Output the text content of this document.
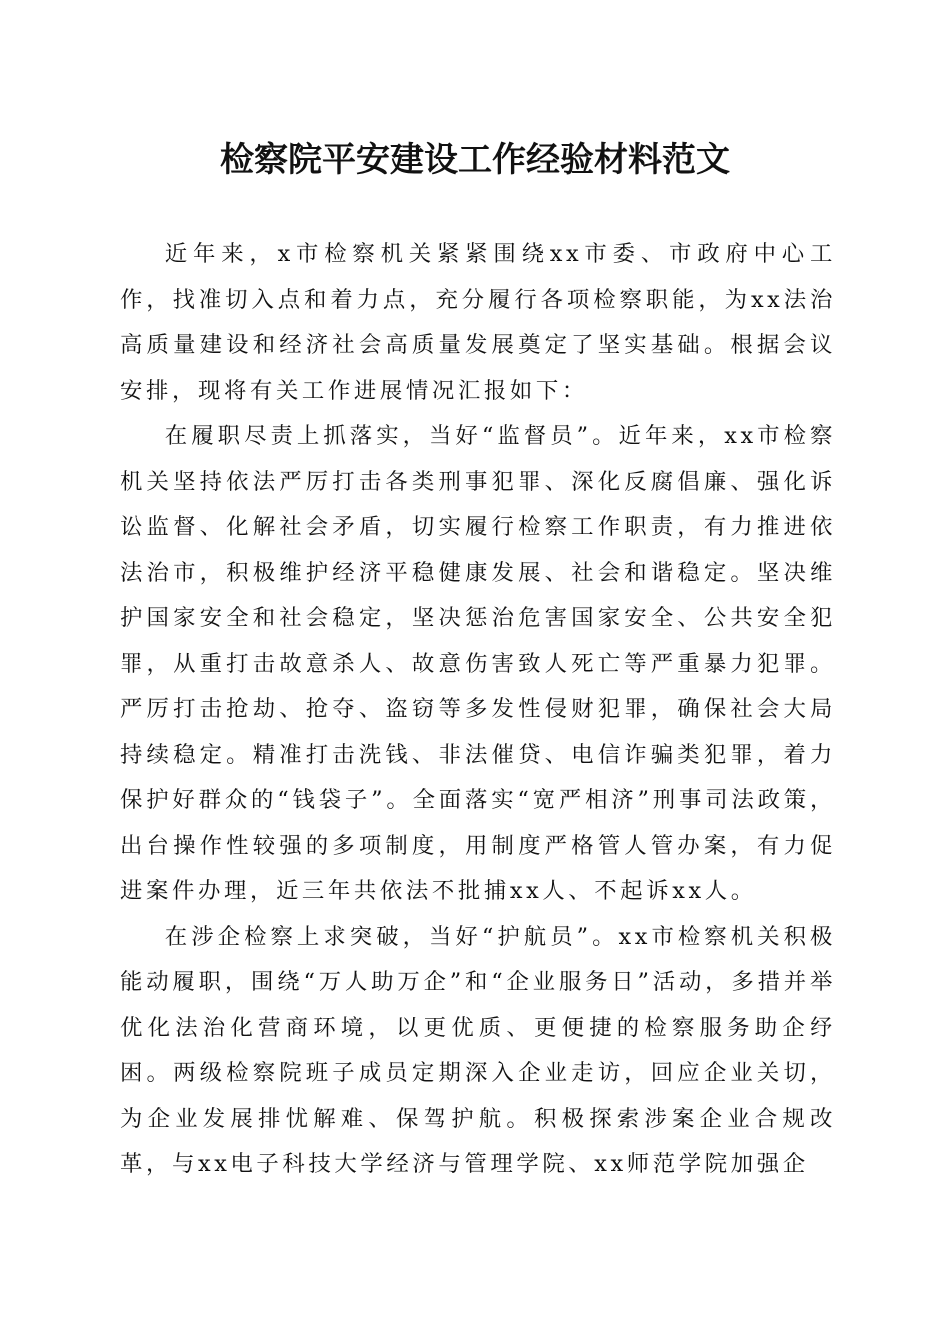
检察院平安建设工作经验材料范文

近年来，x市检察机关紧紧围绕xx市委、市政府中心工作，找准切入点和着力点，充分履行各项检察职能，为xx法治高质量建设和经济社会高质量发展奠定了坚实基础。根据会议安排，现将有关工作进展情况汇报如下：

在履职尽责上抓落实，当好“监督员”。近年来，xx市检察机关坚持依法严厉打击各类刑事犯罪、深化反腐倡廉、强化诉讼监督、化解社会矛盾，切实履行检察工作职责，有力推进依法治市，积极维护经济平稳健康发展、社会和谐稳定。坚决维护国家安全和社会稳定，坚决惩治危害国家安全、公共安全犯罪，从重打击故意杀人、故意伤害致人死亡等严重暴力犯罪。严厉打击抢劫、抢夺、盗窃等多发性侵财犯罪，确保社会大局持续稳定。精准打击洗钱、非法催贷、电信诈骗类犯罪，着力保护好群众的“钱袋子”。全面落实“宽严相济”刑事司法政策，出台操作性较强的多项制度，用制度严格管人管办案，有力促进案件办理，近三年共依法不批捕xx人、不起诉xx人。

在涉企检察上求突破，当好“护航员”。xx市检察机关积极能动履职，围绕“万人助万企”和“企业服务日”活动，多措并举优化法治化营商环境，以更优质、更便捷的检察服务助企纾困。两级检察院班子成员定期深入企业走访，回应企业关切，为企业发展排忧解难、保驾护航。积极探索涉案企业合规改革，与xx电子科技大学经济与管理学院、xx师范学院加强企
